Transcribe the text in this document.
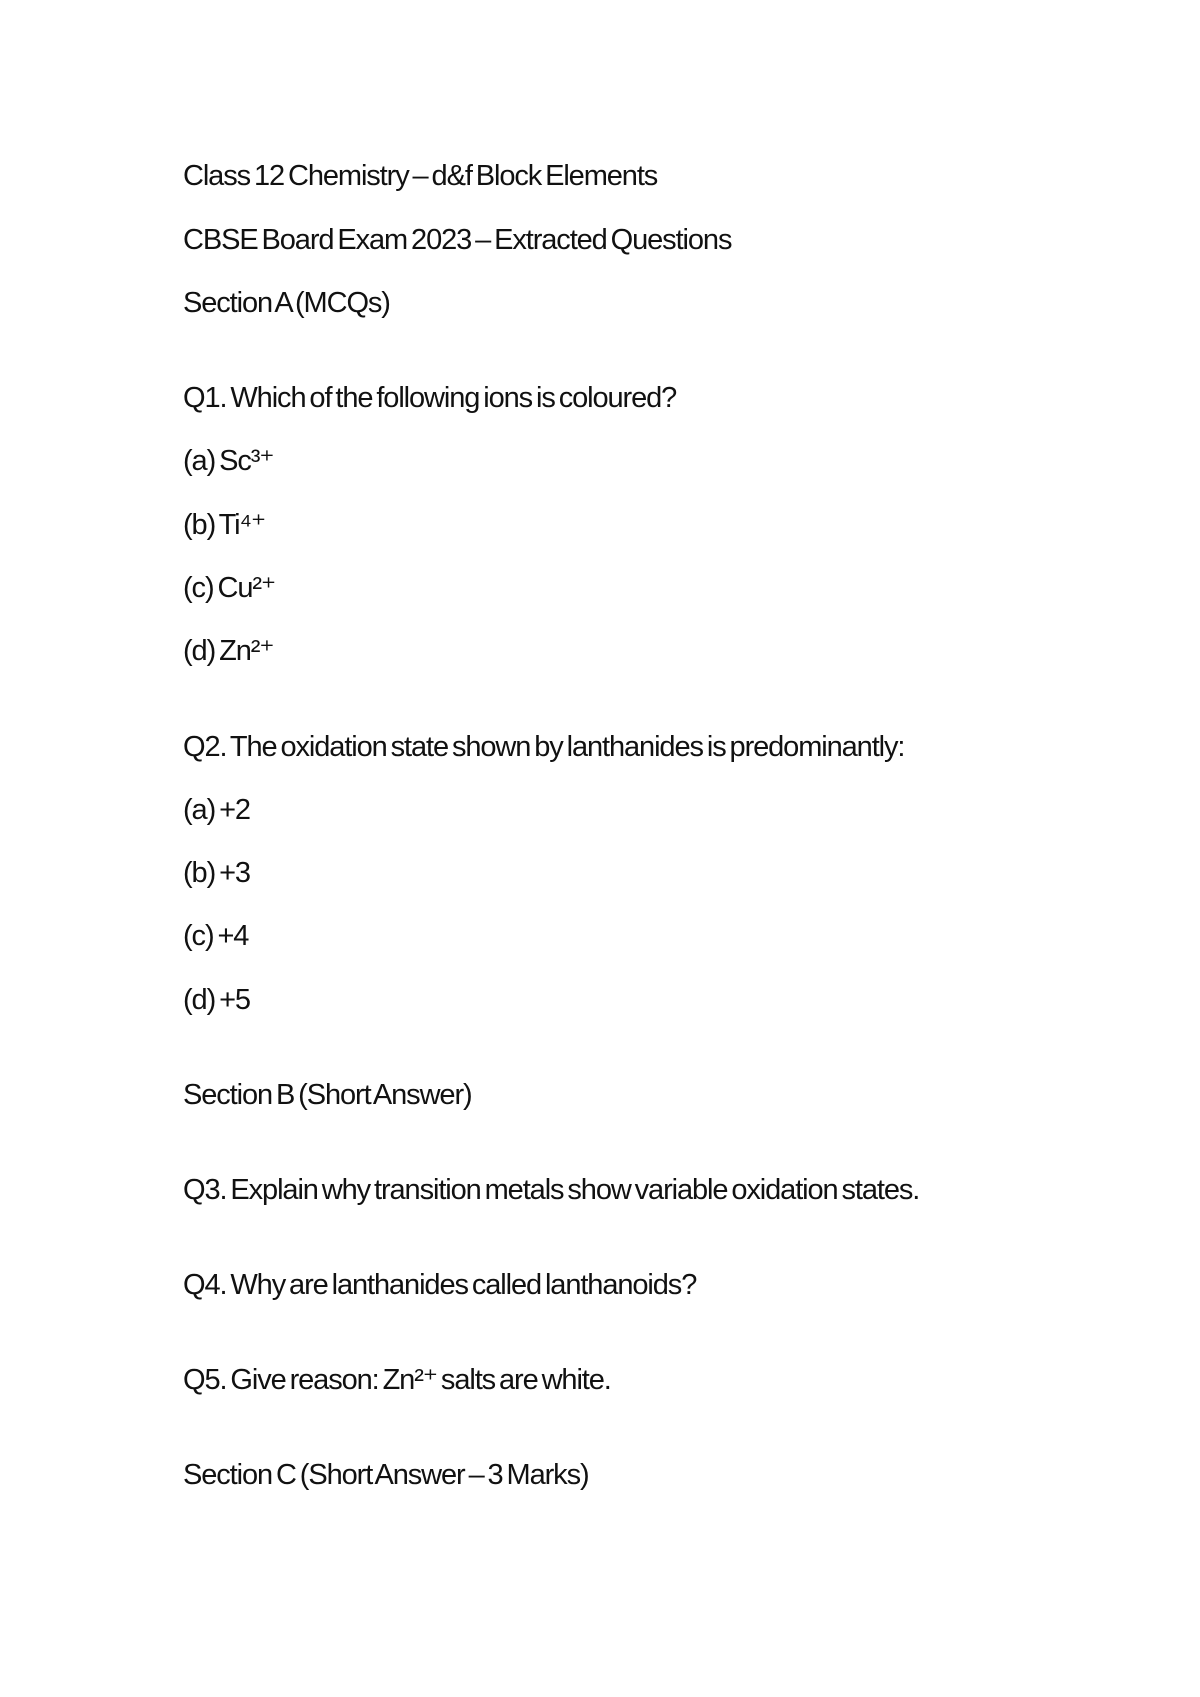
Class 12 Chemistry – d&f Block Elements
CBSE Board Exam 2023 – Extracted Questions
Section A (MCQs)
Q1. Which of the following ions is coloured?
(a) Sc³⁺
(b) Ti⁴⁺
(c) Cu²⁺
(d) Zn²⁺
Q2. The oxidation state shown by lanthanides is predominantly:
(a) +2
(b) +3
(c) +4
(d) +5
Section B (Short Answer)
Q3. Explain why transition metals show variable oxidation states.
Q4. Why are lanthanides called lanthanoids?
Q5. Give reason: Zn²⁺ salts are white.
Section C (Short Answer – 3 Marks)
